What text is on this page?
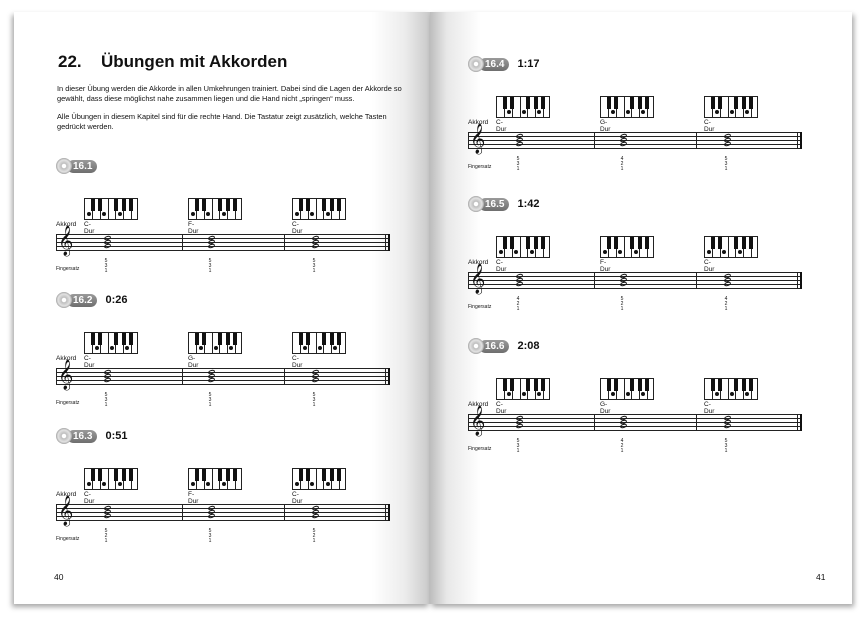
22. Übungen mit Akkorden

In dieser Übung werden die Akkorde in allen Umkehrungen trainiert. Dabei sind die Lagen der Akkorde so gewählt, dass diese möglichst nahe zusammen liegen und die Hand nicht „springen“ muss.

Alle Übungen in diesem Kapitel sind für die rechte Hand. Die Tastatur zeigt zusätzlich, welche Tasten gedrückt werden.

16.1
Akkord C-Dur
F-Dur
C-Dur
𝄞
Fingersatz
5
3
1
5
3
1
5
3
1
16.2	0:26
Akkord C-Dur
G-Dur
C-Dur
𝄞
Fingersatz
5
3
1
5
3
1
5
3
1
16.3	0:51
Akkord C-Dur
F-Dur
C-Dur
𝄞
Fingersatz
5
2
1
5
3
1
5
2
1
40
16.4	1:17
Akkord C-Dur
G-Dur
C-Dur
𝄞
Fingersatz
5
3
1
4
2
1
5
3
1
16.5	1:42
Akkord C-Dur
F-Dur
C-Dur
𝄞
Fingersatz
4
2
1
5
2
1
4
2
1
16.6	2:08
Akkord C-Dur
G-Dur
C-Dur
𝄞
Fingersatz
5
3
1
4
2
1
5
3
1
41
